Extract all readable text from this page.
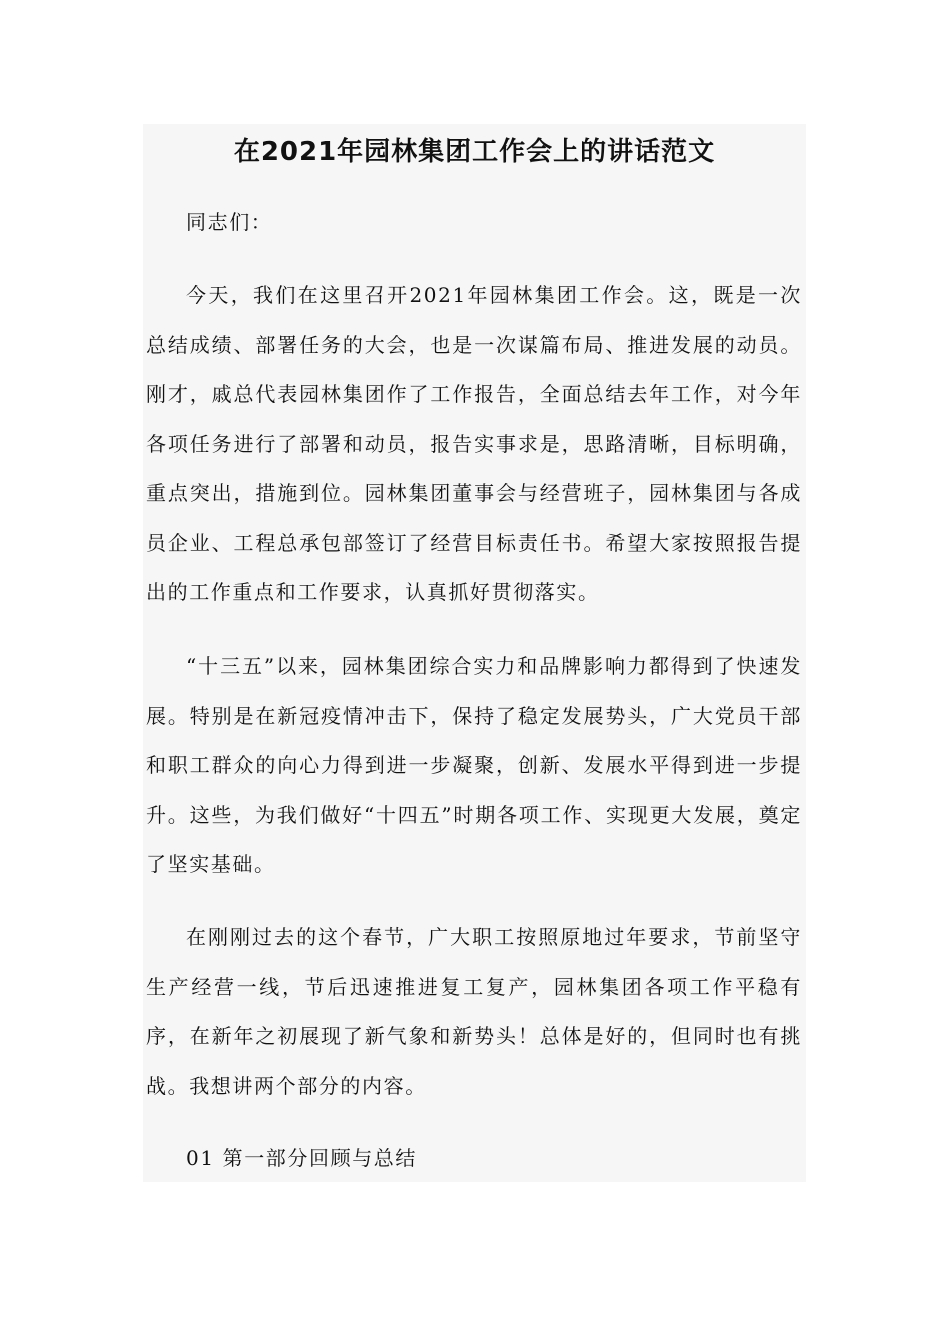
在2021年园林集团工作会上的讲话范文

同志们：

今天，我们在这里召开2021年园林集团工作会。这，既是一次总结成绩、部署任务的大会，也是一次谋篇布局、推进发展的动员。刚才，戚总代表园林集团作了工作报告，全面总结去年工作，对今年各项任务进行了部署和动员，报告实事求是，思路清晰，目标明确，重点突出，措施到位。园林集团董事会与经营班子，园林集团与各成员企业、工程总承包部签订了经营目标责任书。希望大家按照报告提出的工作重点和工作要求，认真抓好贯彻落实。

“十三五”以来，园林集团综合实力和品牌影响力都得到了快速发展。特别是在新冠疫情冲击下，保持了稳定发展势头，广大党员干部和职工群众的向心力得到进一步凝聚，创新、发展水平得到进一步提升。这些，为我们做好“十四五”时期各项工作、实现更大发展，奠定了坚实基础。

在刚刚过去的这个春节，广大职工按照原地过年要求，节前坚守生产经营一线，节后迅速推进复工复产，园林集团各项工作平稳有序，在新年之初展现了新气象和新势头！总体是好的，但同时也有挑战。我想讲两个部分的内容。

01 第一部分回顾与总结
